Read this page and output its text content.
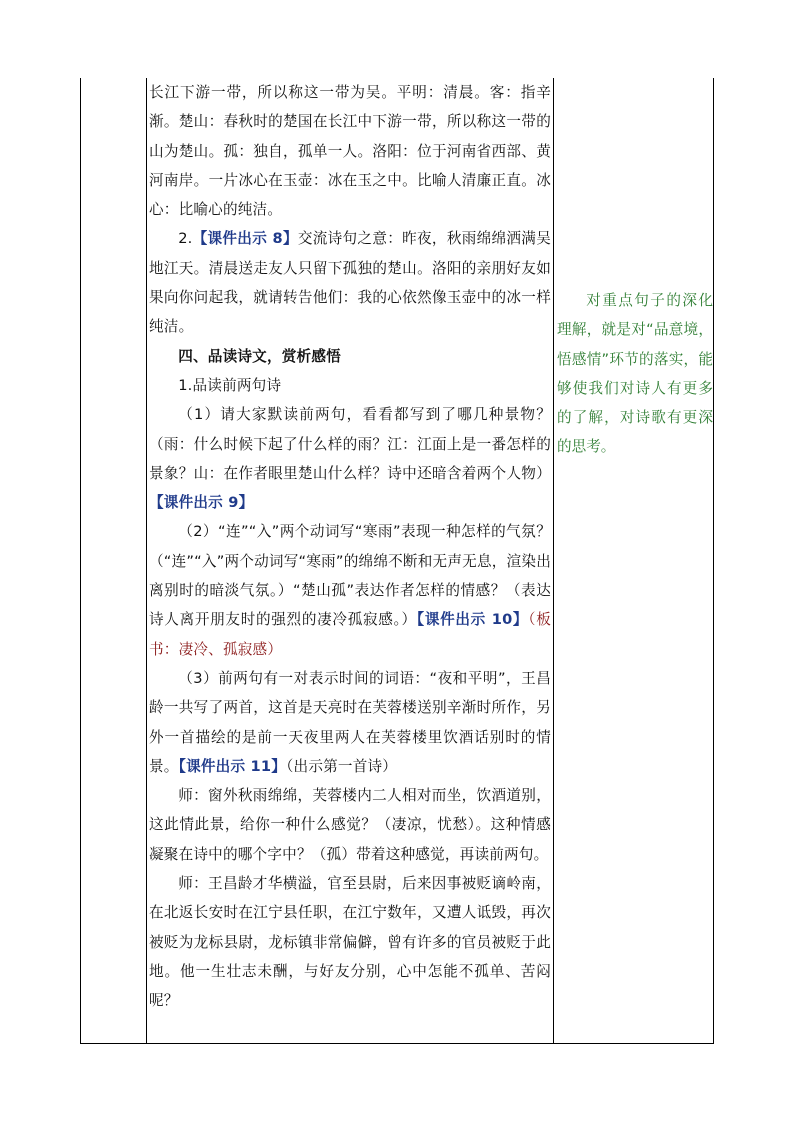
长江下游一带，所以称这一带为吴。平明：清晨。客：指辛渐。楚山：春秋时的楚国在长江中下游一带，所以称这一带的山为楚山。孤：独自，孤单一人。洛阳：位于河南省西部、黄河南岸。一片冰心在玉壶：冰在玉之中。比喻人清廉正直。冰心：比喻心的纯洁。

2.【课件出示 8】交流诗句之意：昨夜，秋雨绵绵洒满吴地江天。清晨送走友人只留下孤独的楚山。洛阳的亲朋好友如果向你问起我，就请转告他们：我的心依然像玉壶中的冰一样纯洁。

四、品读诗文，赏析感悟

1.品读前两句诗

（1）请大家默读前两句，看看都写到了哪几种景物？（雨：什么时候下起了什么样的雨？江：江面上是一番怎样的景象？山：在作者眼里楚山什么样？诗中还暗含着两个人物）【课件出示 9】

（2）“连”“入”两个动词写“寒雨”表现一种怎样的气氛？（“连”“入”两个动词写“寒雨”的绵绵不断和无声无息，渲染出离别时的暗淡气氛。）“楚山孤”表达作者怎样的情感？（表达诗人离开朋友时的强烈的凄冷孤寂感。）【课件出示 10】（板书：凄冷、孤寂感）

（3）前两句有一对表示时间的词语：“夜和平明”，王昌龄一共写了两首，这首是天亮时在芙蓉楼送别辛渐时所作，另外一首描绘的是前一天夜里两人在芙蓉楼里饮酒话别时的情景。【课件出示 11】（出示第一首诗）

师：窗外秋雨绵绵，芙蓉楼内二人相对而坐，饮酒道别，这此情此景，给你一种什么感觉？（凄凉，忧愁）。这种情感凝聚在诗中的哪个字中？（孤）带着这种感觉，再读前两句。

师：王昌龄才华横溢，官至县尉，后来因事被贬谪岭南，在北返长安时在江宁县任职，在江宁数年，又遭人诋毁，再次被贬为龙标县尉，龙标镇非常偏僻，曾有许多的官员被贬于此地。他一生壮志未酬，与好友分别，心中怎能不孤单、苦闷呢？

对重点句子的深化理解，就是对“品意境，悟感情”环节的落实，能够使我们对诗人有更多的了解，对诗歌有更深的思考。
